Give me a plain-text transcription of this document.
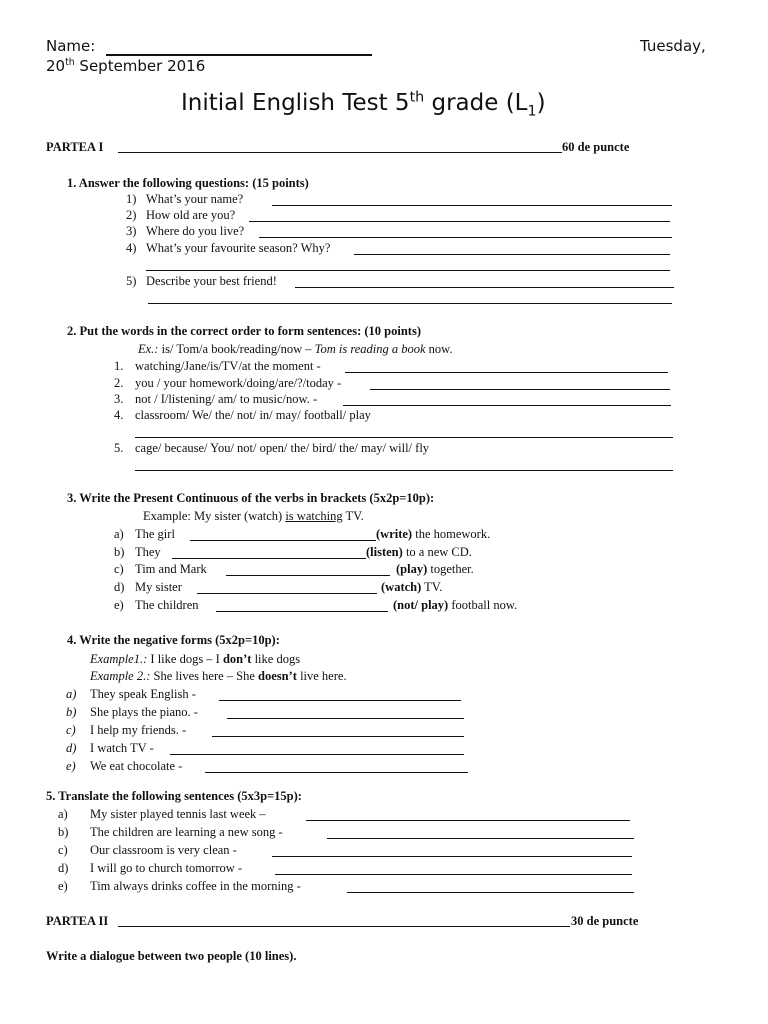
Name:	Tuesday,
20th September 2016
Initial English Test 5th grade $(L_1)$
PARTEA I	60 de puncte
1. Answer the following questions: (15 points)
1) What’s your name?
2) How old are you?
3) Where do you live?
4) What’s your favourite season? Why?
5) Describe your best friend!
2. Put the words in the correct order to form sentences: (10 points)
Ex.: is/ Tom/a book/reading/now – Tom is reading a book now.
1. watching/Jane/is/TV/at the moment -
2. you / your homework/doing/are/?/today -
3. not / I/listening/ am/ to music/now. -
4. classroom/ We/ the/ not/ in/ may/ football/ play
5. cage/ because/ You/ not/ open/ the/ bird/ the/ may/ will/ fly
3. Write the Present Continuous of the verbs in brackets (5x2p=10p):
Example: My sister (watch) is watching TV.
a) The girl	(write) the homework.
b) They	(listen) to a new CD.
c) Tim and Mark	(play) together.
d) My sister	(watch) TV.
e) The children	(not/ play) football now.
4. Write the negative forms (5x2p=10p):
Example1.: I like dogs – I don’t like dogs
Example 2.: She lives here – She doesn’t live here.
a) They speak English -
b) She plays the piano. -
c) I help my friends. -
d) I watch TV -
e) We eat chocolate -
5. Translate the following sentences (5x3p=15p):
a) My sister played tennis last week –
b) The children are learning a new song -
c) Our classroom is very clean -
d) I will go to church tomorrow -
e) Tim always drinks coffee in the morning -
PARTEA II	30 de puncte
Write a dialogue between two people (10 lines).
